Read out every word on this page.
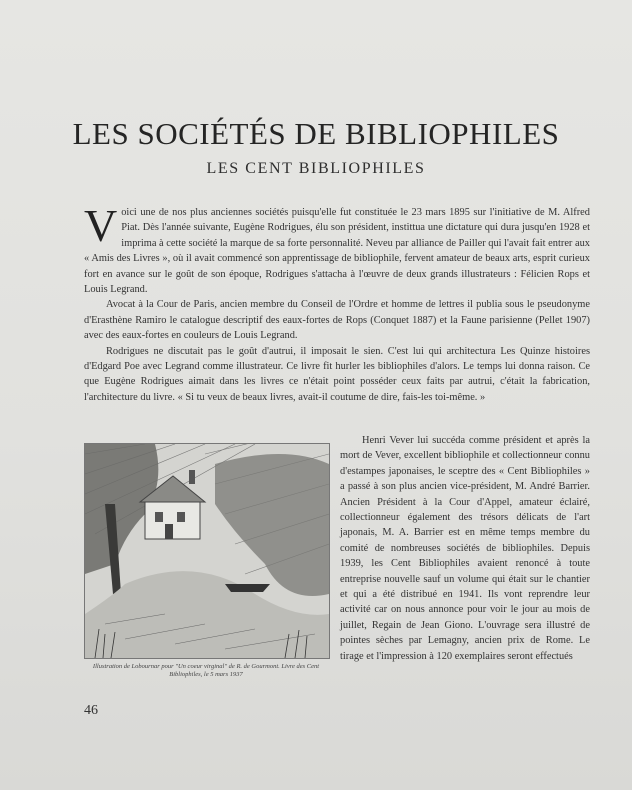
LES SOCIÉTÉS DE BIBLIOPHILES
LES CENT BIBLIOPHILES

Voici une de nos plus anciennes sociétés puisqu'elle fut constituée le 23 mars 1895 sur l'initiative de M. Alfred Piat. Dès l'année suivante, Eugène Rodrigues, élu son président, instittua une dictature qui dura jusqu'en 1928 et imprima à cette société la marque de sa forte personnalité. Neveu par alliance de Pailler qui l'avait fait entrer aux « Amis des Livres », où il avait commencé son apprentissage de bibliophile, fervent amateur de beaux arts, esprit curieux fort en avance sur le goût de son époque, Rodrigues s'attacha à l'œuvre de deux grands illustrateurs : Félicien Rops et Louis Legrand.

Avocat à la Cour de Paris, ancien membre du Conseil de l'Ordre et homme de lettres il publia sous le pseudonyme d'Erasthène Ramiro le catalogue descriptif des eaux-fortes de Rops (Conquet 1887) et la Faune parisienne (Pellet 1907) avec des eaux-fortes en couleurs de Louis Legrand.

Rodrigues ne discutait pas le goût d'autrui, il imposait le sien. C'est lui qui architectura Les Quinze histoires d'Edgard Poe avec Legrand comme illustrateur. Ce livre fit hurler les bibliophiles d'alors. Le temps lui donna raison. Ce que Eugène Rodrigues aimait dans les livres ce n'était point posséder ceux faits par autrui, c'était la fabrication, l'architecture du livre. « Si tu veux de beaux livres, avait-il coutume de dire, fais-les toi-même. »

Illustration de Lobournar pour "Un coeur virginal" de R. de Gourmont. Livre des Cent Bibliophiles, le 5 mars 1937

Henri Vever lui succéda comme président et après la mort de Vever, excellent bibliophile et collectionneur connu d'estampes japonaises, le sceptre des « Cent Bibliophiles » a passé à son plus ancien vice-président, M. André Barrier. Ancien Président à la Cour d'Appel, amateur éclairé, collectionneur également des trésors délicats de l'art japonais, M. A. Barrier est en même temps membre du comité de nombreuses sociétés de bibliophiles. Depuis 1939, les Cent Bibliophiles avaient renoncé à toute entreprise nouvelle sauf un volume qui était sur le chantier et qui a été distribué en 1941. Ils vont reprendre leur activité car on nous annonce pour voir le jour au mois de juillet, Regain de Jean Giono. L'ouvrage sera illustré de pointes sèches par Lemagny, ancien prix de Rome. Le tirage et l'impression à 120 exemplaires seront effectués

46
